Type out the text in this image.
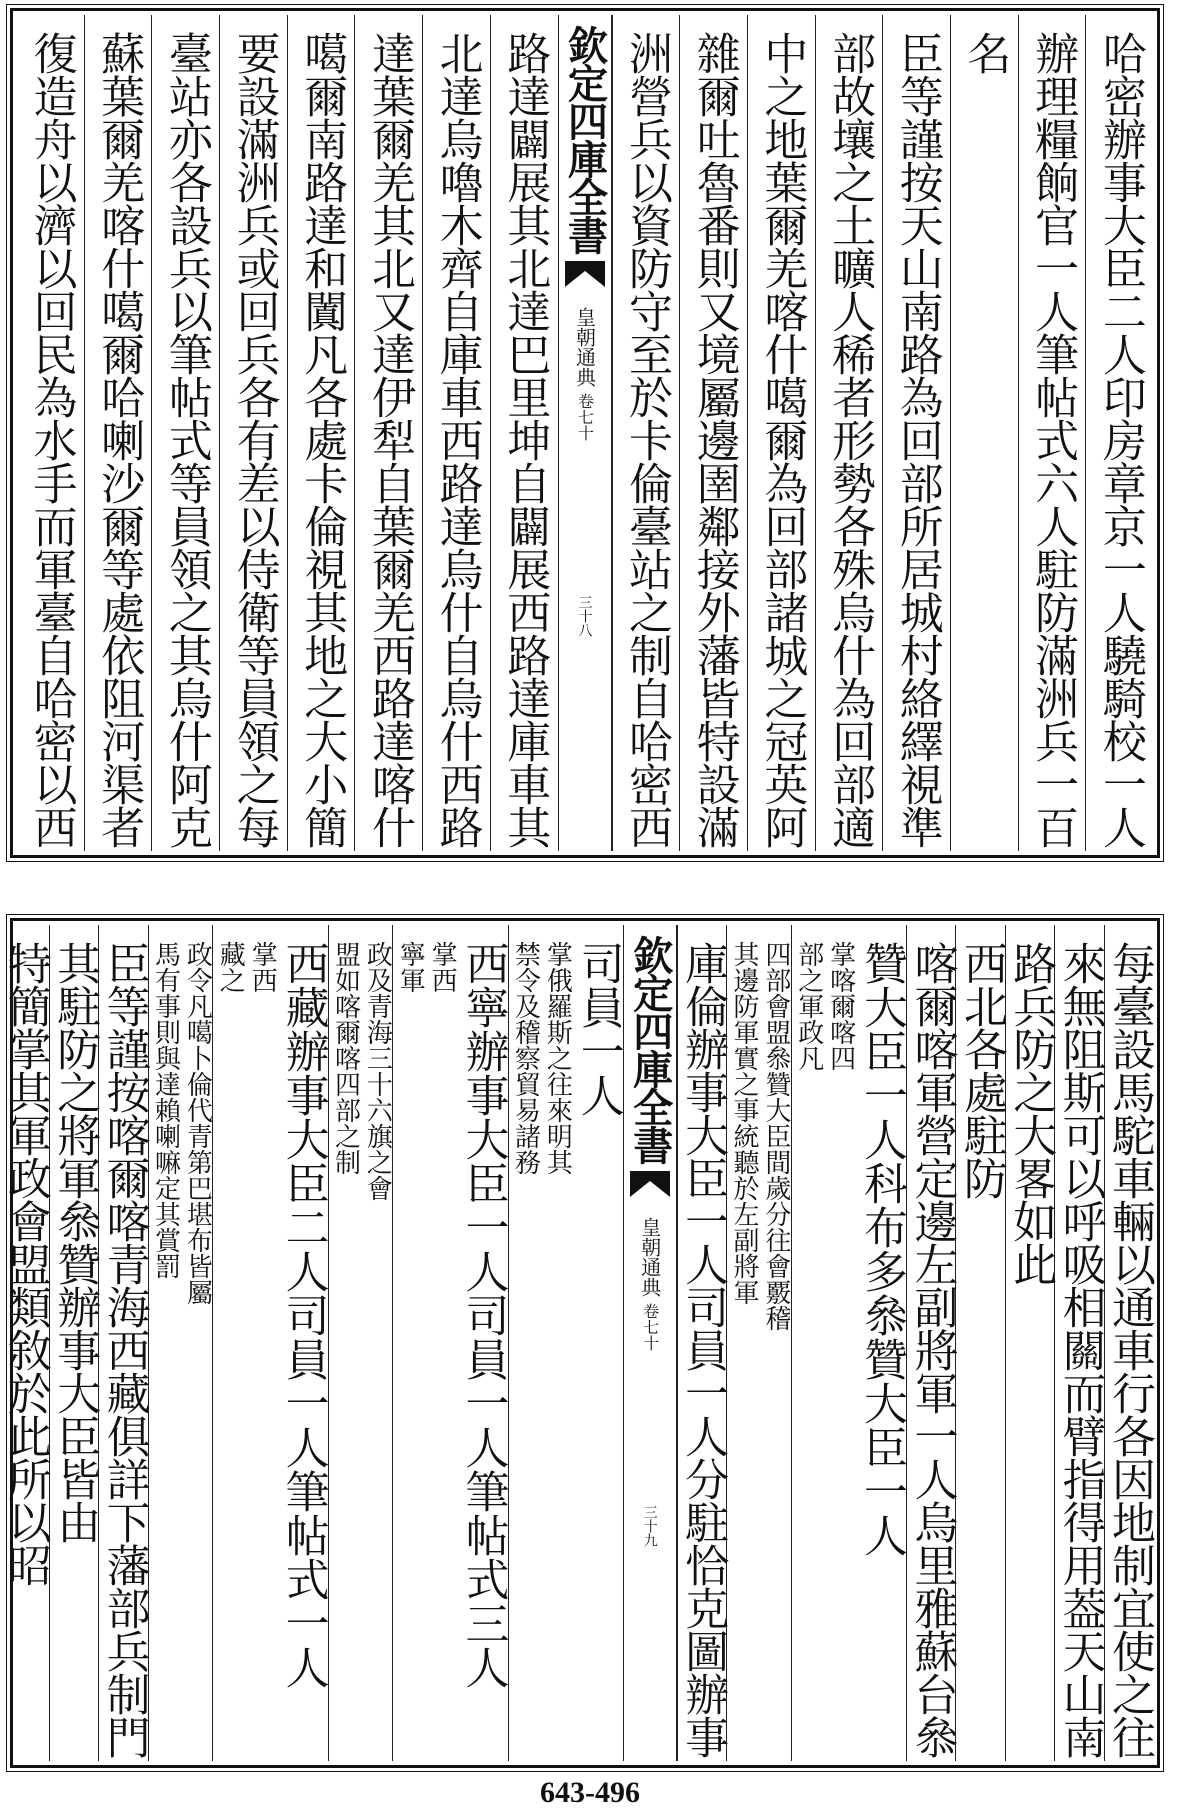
哈密辦事大臣二人印房章京一人驍騎校一人
辦理糧餉官一人筆帖式六人駐防滿洲兵一百
名
臣等謹按天山南路為回部所居城村絡繹視準
部故壤之土曠人稀者形勢各殊烏什為回部適
中之地葉爾羌喀什噶爾為回部諸城之冠英阿
雜爾吐魯番則又境屬邊圉鄰接外藩皆特設滿
洲營兵以資防守至於卡倫臺站之制自哈密西
欽定四庫全書
皇朝通典
卷七十
三十八
路達闢展其北達巴里坤自闢展西路達庫車其
北達烏嚕木齊自庫車西路達烏什自烏什西路
達葉爾羌其北又達伊犁自葉爾羌西路達喀什
噶爾南路達和闐凡各處卡倫視其地之大小簡
要設滿洲兵或回兵各有差以侍衛等員領之每
臺站亦各設兵以筆帖式等員領之其烏什阿克
蘇葉爾羌喀什噶爾哈喇沙爾等處依阻河渠者
復造舟以濟以回民為水手而軍臺自哈密以西
每臺設馬駝車輛以通車行各因地制宜使之往
來無阻斯可以呼吸相關而臂指得用葢天山南
路兵防之大畧如此
西北各處駐防
喀爾喀軍營定邊左副將軍一人烏里雅蘇台叅
贊大臣一人科布多叅贊大臣一人
掌喀爾喀四
部之軍政凡
四部會盟叅贊大臣間歲分往會覈稽
其邊防軍實之事統聽於左副將軍
庫倫辦事大臣一人司員一人分駐恰克圖辦事
欽定四庫全書
皇朝通典
卷七十
三十九
司員一人
掌俄羅斯之往來明其
禁令及稽察貿易諸務
西寧辦事大臣一人司員一人筆帖式三人
掌西
寧軍
政及青海三十六旗之會
盟如喀爾喀四部之制
西藏辦事大臣二人司員一人筆帖式一人
掌西
藏之
政令凡噶卜倫代青第巴堪布皆屬
馬有事則與達賴喇嘛定其賞罰
臣等謹按喀爾喀青海西藏俱詳下藩部兵制門
其駐防之將軍叅贊辦事大臣皆由
特簡掌其軍政會盟類敘於此所以昭
643-496
